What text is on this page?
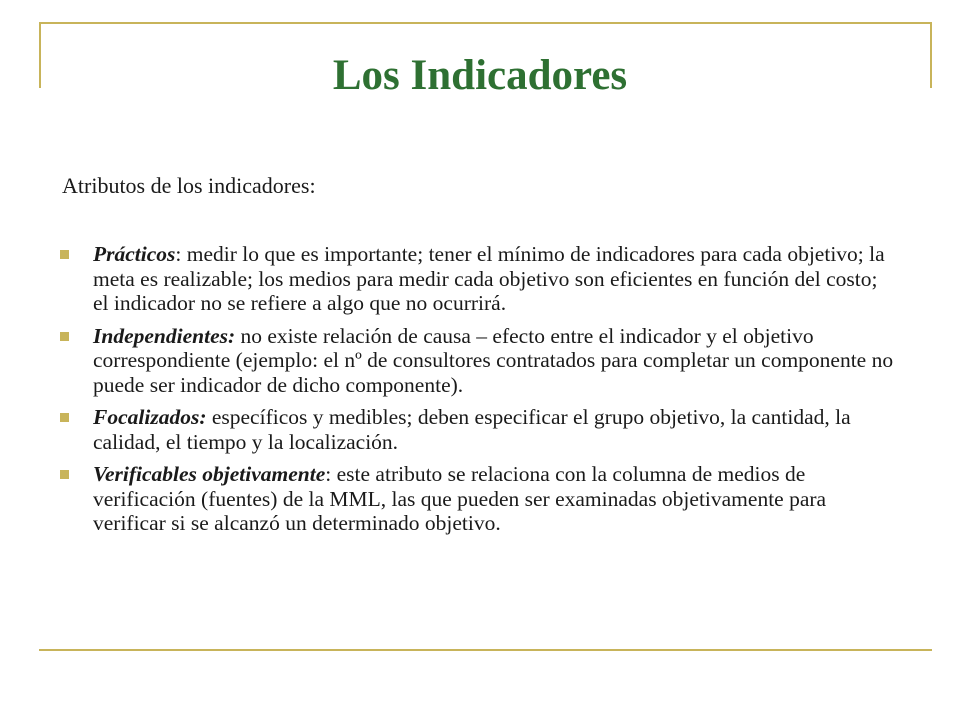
Los Indicadores
Atributos de los indicadores:
Prácticos: medir lo que es importante; tener el mínimo de indicadores para cada objetivo; la meta es realizable; los medios para medir cada objetivo son eficientes en función del costo; el indicador no se refiere a algo que no ocurrirá.
Independientes: no existe relación de causa – efecto entre el indicador y el objetivo correspondiente (ejemplo: el nº de consultores contratados para completar un componente no puede ser indicador de dicho componente).
Focalizados: específicos y medibles; deben especificar el grupo objetivo, la cantidad, la calidad, el tiempo y la localización.
Verificables objetivamente: este atributo se relaciona con la columna de medios de verificación (fuentes) de la MML, las que pueden ser examinadas objetivamente para verificar si se alcanzó un determinado objetivo.
